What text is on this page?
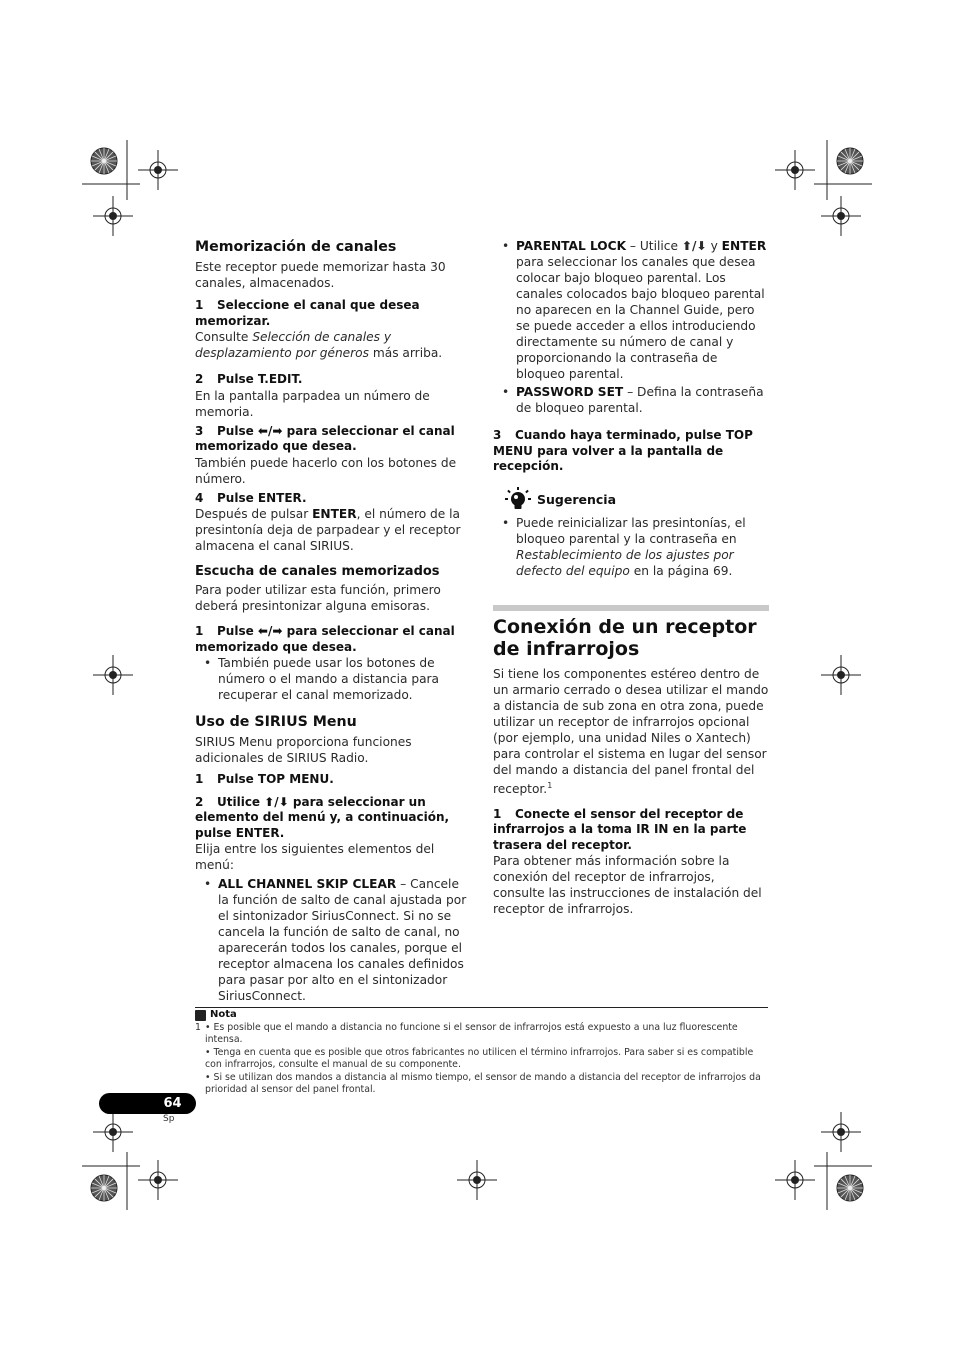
Memorización de canales

Este receptor puede memorizar hasta 30 canales, almacenados.

1 Seleccione el canal que desea memorizar.

Consulte Selección de canales y desplazamiento por géneros más arriba.

2 Pulse T.EDIT.

En la pantalla parpadea un número de memoria.

3 Pulse ⬅/➡ para seleccionar el canal memorizado que desea.

También puede hacerlo con los botones de número.

4 Pulse ENTER.

Después de pulsar ENTER, el número de la presintonía deja de parpadear y el receptor almacena el canal SIRIUS.

Escucha de canales memorizados

Para poder utilizar esta función, primero deberá presintonizar alguna emisoras.

1 Pulse ⬅/➡ para seleccionar el canal memorizado que desea.

• También puede usar los botones de número o el mando a distancia para recuperar el canal memorizado.

Uso de SIRIUS Menu

SIRIUS Menu proporciona funciones adicionales de SIRIUS Radio.

1 Pulse TOP MENU.
2 Utilice ⬆/⬇ para seleccionar un elemento del menú y, a continuación, pulse ENTER.

Elija entre los siguientes elementos del menú:

• ALL CHANNEL SKIP CLEAR – Cancele la función de salto de canal ajustada por el sintonizador SiriusConnect. Si no se cancela la función de salto de canal, no aparecerán todos los canales, porque el receptor almacena los canales definidos para pasar por alto en el sintonizador SiriusConnect.

• PARENTAL LOCK – Utilice ⬆/⬇ y ENTER para seleccionar los canales que desea colocar bajo bloqueo parental. Los canales colocados bajo bloqueo parental no aparecen en la Channel Guide, pero se puede acceder a ellos introduciendo directamente su número de canal y proporcionando la contraseña de bloqueo parental.

• PASSWORD SET – Defina la contraseña de bloqueo parental.

3 Cuando haya terminado, pulse TOP MENU para volver a la pantalla de recepción.
Sugerencia

• Puede reinicializar las presintonías, el bloqueo parental y la contraseña en Restablecimiento de los ajustes por defecto del equipo en la página 69.

Conexión de un receptor de infrarrojos

Si tiene los componentes estéreo dentro de un armario cerrado o desea utilizar el mando a distancia de sub zona en otra zona, puede utilizar un receptor de infrarrojos opcional (por ejemplo, una unidad Niles o Xantech) para controlar el sistema en lugar del sensor del mando a distancia del panel frontal del receptor.$^1$

1 Conecte el sensor del receptor de infrarrojos a la toma IR IN en la parte trasera del receptor.

Para obtener más información sobre la conexión del receptor de infrarrojos, consulte las instrucciones de instalación del receptor de infrarrojos.

Nota
1 • Es posible que el mando a distancia no funcione si el sensor de infrarrojos está expuesto a una luz fluorescente intensa.
• Tenga en cuenta que es posible que otros fabricantes no utilicen el término infrarrojos. Para saber si es compatible con infrarrojos, consulte el manual de su componente.
• Si se utilizan dos mandos a distancia al mismo tiempo, el sensor de mando a distancia del receptor de infrarrojos da prioridad al sensor del panel frontal.
64
Sp
